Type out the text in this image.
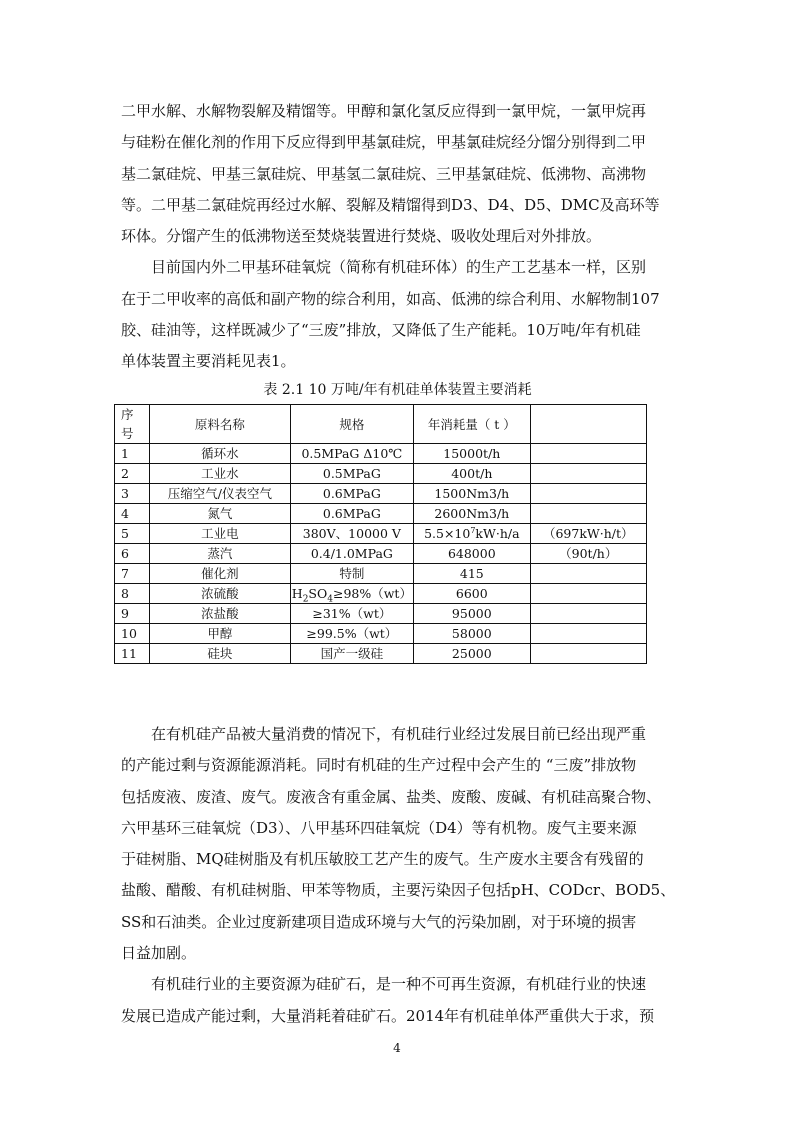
二甲水解、水解物裂解及精馏等。甲醇和氯化氢反应得到一氯甲烷，一氯甲烷再
与硅粉在催化剂的作用下反应得到甲基氯硅烷，甲基氯硅烷经分馏分别得到二甲
基二氯硅烷、甲基三氯硅烷、甲基氢二氯硅烷、三甲基氯硅烷、低沸物、高沸物
等。二甲基二氯硅烷再经过水解、裂解及精馏得到D3、D4、D5、DMC及高环等
环体。分馏产生的低沸物送至焚烧装置进行焚烧、吸收处理后对外排放。

目前国内外二甲基环硅氧烷（简称有机硅环体）的生产工艺基本一样，区别
在于二甲收率的高低和副产物的综合利用，如高、低沸的综合利用、水解物制107
胶、硅油等，这样既减少了“三废”排放，又降低了生产能耗。10万吨/年有机硅
单体装置主要消耗见表1。

表 2.1 10 万吨/年有机硅单体装置主要消耗
序
号	原料名称	规格	年消耗量（ t ）	
1	循环水	0.5MPaG Δ10℃	15000t/h	
2	工业水	0.5MPaG	400t/h	
3	压缩空气/仪表空气	0.6MPaG	1500Nm3/h	
4	氮气	0.6MPaG	2600Nm3/h	
5	工业电	380V、10000 V	$5.5\times 10^7kW\cdot h/a$	（697kW·h/t）
6	蒸汽	0.4/1.0MPaG	648000	（90t/h）
7	催化剂	特制	415	
8	浓硫酸	$H_2SO_4\ge 98\%(wt)$	6600	
9	浓盐酸	≥31%（wt）	95000	
10	甲醇	≥99.5%（wt）	58000	
11	硅块	国产一级硅	25000	

在有机硅产品被大量消费的情况下，有机硅行业经过发展目前已经出现严重
的产能过剩与资源能源消耗。同时有机硅的生产过程中会产生的 “三废”排放物
包括废液、废渣、废气。废液含有重金属、盐类、废酸、废碱、有机硅高聚合物、
六甲基环三硅氧烷（D3）、八甲基环四硅氧烷（D4）等有机物。废气主要来源
于硅树脂、MQ硅树脂及有机压敏胶工艺产生的废气。生产废水主要含有残留的
盐酸、醋酸、有机硅树脂、甲苯等物质，主要污染因子包括pH、CODcr、BOD5、
SS和石油类。企业过度新建项目造成环境与大气的污染加剧，对于环境的损害
日益加剧。

有机硅行业的主要资源为硅矿石，是一种不可再生资源，有机硅行业的快速
发展已造成产能过剩，大量消耗着硅矿石。2014年有机硅单体严重供大于求，预

4
